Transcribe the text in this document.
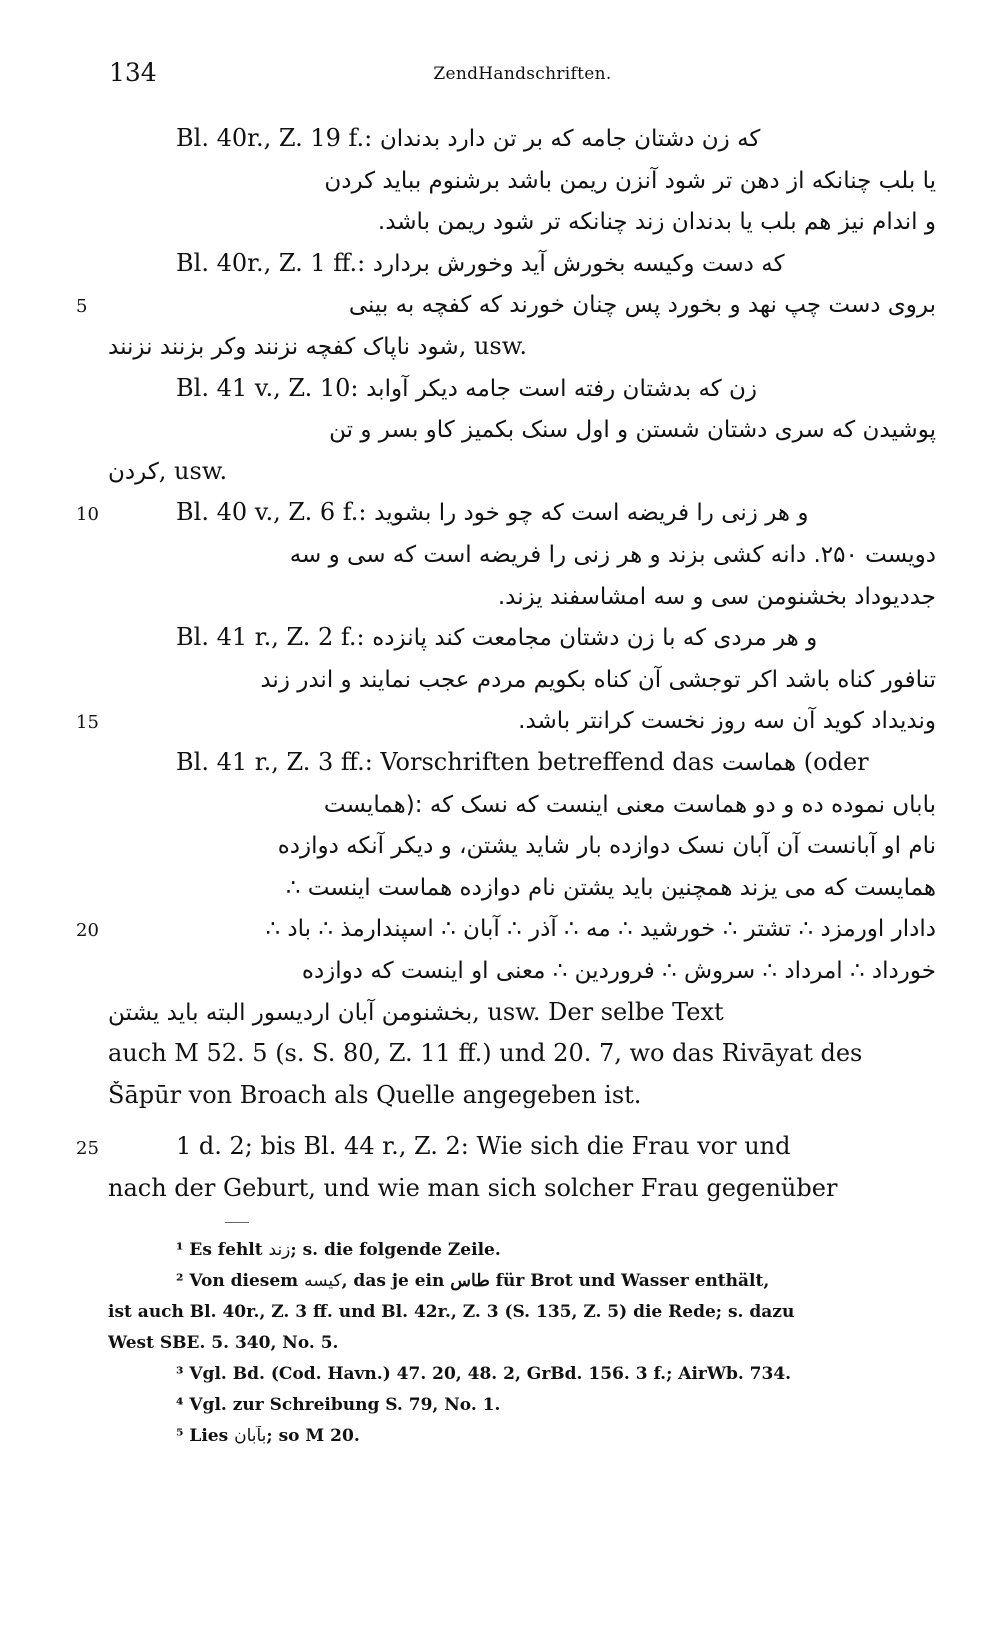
134	ZendHandschriften.
Bl. 40r., Z. 19 f.: که زن دشتان جامه که بر تن دارد بدندان
یا بلب چنانکه از دهن تر شود آنزن ریمن باشد برشنوم بباید کردن
و اندام نیز هم بلب یا بدندان زند چنانکه تر شود ریمن باشد.
Bl. 40r., Z. 1 ff.: که دست وکیسه بخورش آید وخورش بردارد
5	بروی دست چپ نهد و بخورد پس چنان خورند که کفچه به بینی
شود ناپاک کفچه نزنند وکر بزنند نزنند, usw.
Bl. 41 v., Z. 10: زن که بدشتان رفته است جامه دیکر آوابد
پوشیدن که سری دشتان شستن و اول سنک بکمیز کاو بسر و تن
کردن, usw.
10	Bl. 40 v., Z. 6 f.: و هر زنی را فریضه است که چو خود را بشوید
دویست ۲۵۰. دانه کشی بزند و هر زنی را فریضه است که سی و سه
جددیوداد بخشنومن سی و سه امشاسفند یزند.
Bl. 41 r., Z. 2 f.: و هر مردی که با زن دشتان مجامعت کند پانزده
تنافور کناه باشد اکر توجشی آن کناه بکویم مردم عجب نمایند و اندر زند
15	ونديداد كويد آن سه روز نخست كرانتر باشد.
Bl. 41 r., Z. 3 ff.: Vorschriften betreffend das هماست (oder
باباں نموده ده و دو هماست معنی اینست که نسک که :(همایست
نام او آبانست آن آبان نسک دوازده بار شاید یشتن، و دیکر آنکه دوازده
همایست که می یزند همچنین باید یشتن نام دوازده هماست اینست ∴
20	دادار اورمزد ∴ تشتر ∴ خورشید ∴ مه ∴ آذر ∴ آبان ∴ اسپندارمذ ∴ باد ∴
خورداد ∴ امرداد ∴ سروش ∴ فروردین ∴ معنی او اینست که دوازده
بخشنومن آبان اردیسور البته باید یشتن, usw. Der selbe Text
auch M 52. 5 (s. S. 80, Z. 11 ff.) und 20. 7, wo das Rivāyat des
Šāpūr von Broach als Quelle angegeben ist.
25	1 d. 2; bis Bl. 44 r., Z. 2: Wie sich die Frau vor und
nach der Geburt, und wie man sich solcher Frau gegenüber
¹ Es fehlt زند; s. die folgende Zeile.
² Von diesem کیسه, das je ein طاس für Brot und Wasser enthält,
ist auch Bl. 40r., Z. 3 ff. und Bl. 42r., Z. 3 (S. 135, Z. 5) die Rede; s. dazu
West SBE. 5. 340, No. 5.
³ Vgl. Bd. (Cod. Havn.) 47. 20, 48. 2, GrBd. 156. 3 f.; AirWb. 734.
⁴ Vgl. zur Schreibung S. 79, No. 1.
⁵ Lies بآبان; so M 20.
